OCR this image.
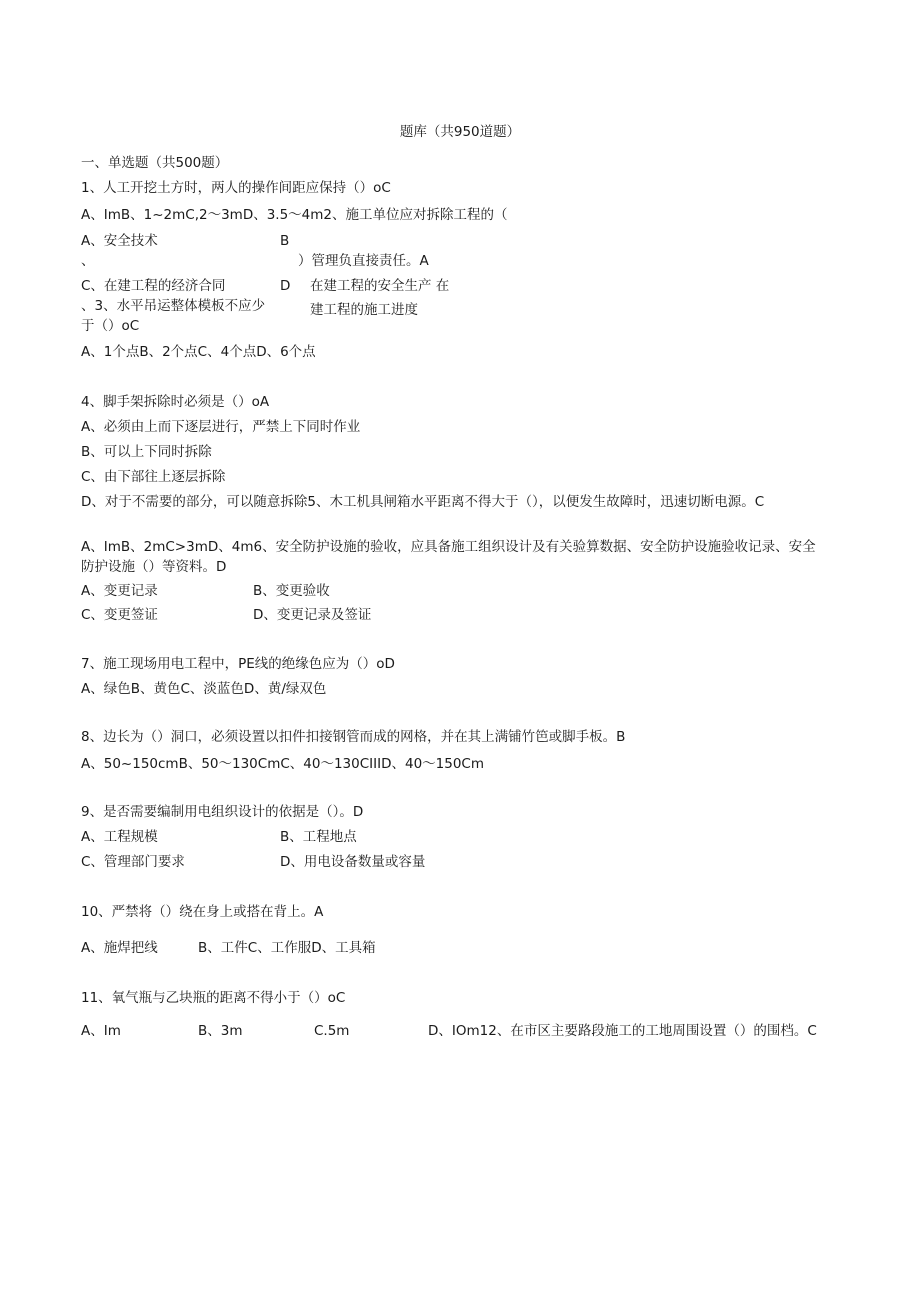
题库（共950道题）
一、单选题（共500题）
1、人工开挖土方时，两人的操作间距应保持（）oC
A、ImB、1~2mC,2～3mD、3.5～4m2、施工单位应对拆除工程的（
A、安全技术	B
、	）管理负直接责任。A
C、在建工程的经济合同	D 在建工程的安全生产 在
建工程的施工进度
、3、水平吊运整体模板不应少
于（）oC
A、1个点B、2个点C、4个点D、6个点
4、脚手架拆除时必须是（）oA
A、必须由上而下逐层进行，严禁上下同时作业
B、可以上下同时拆除
C、由下部往上逐层拆除
D、对于不需要的部分，可以随意拆除5、木工机具闸箱水平距离不得大于（），以便发生故障时，迅速切断电源。C
A、ImB、2mC>3mD、4m6、安全防护设施的验收，应具备施工组织设计及有关验算数据、安全防护设施验收记录、安全防护设施（）等资料。D
A、变更记录	B、变更验收
C、变更签证	D、变更记录及签证
7、施工现场用电工程中，PE线的绝缘色应为（）oD
A、绿色B、黄色C、淡蓝色D、黄/绿双色
8、边长为（）洞口，必须设置以扣件扣接钢管而成的网格，并在其上满铺竹笆或脚手板。B
A、50~150cmB、50～130CmC、40～130CIIID、40～150Cm
9、是否需要编制用电组织设计的依据是（）。D
A、工程规模	B、工程地点
C、管理部门要求	D、用电设备数量或容量
10、严禁将（）绕在身上或搭在背上。A
A、施焊把线	B、工件C、工作服D、工具箱
11、氧气瓶与乙块瓶的距离不得小于（）oC
A、Im	B、3m	C.5m	D、IOm12、在市区主要路段施工的工地周围设置（）的围档。C
